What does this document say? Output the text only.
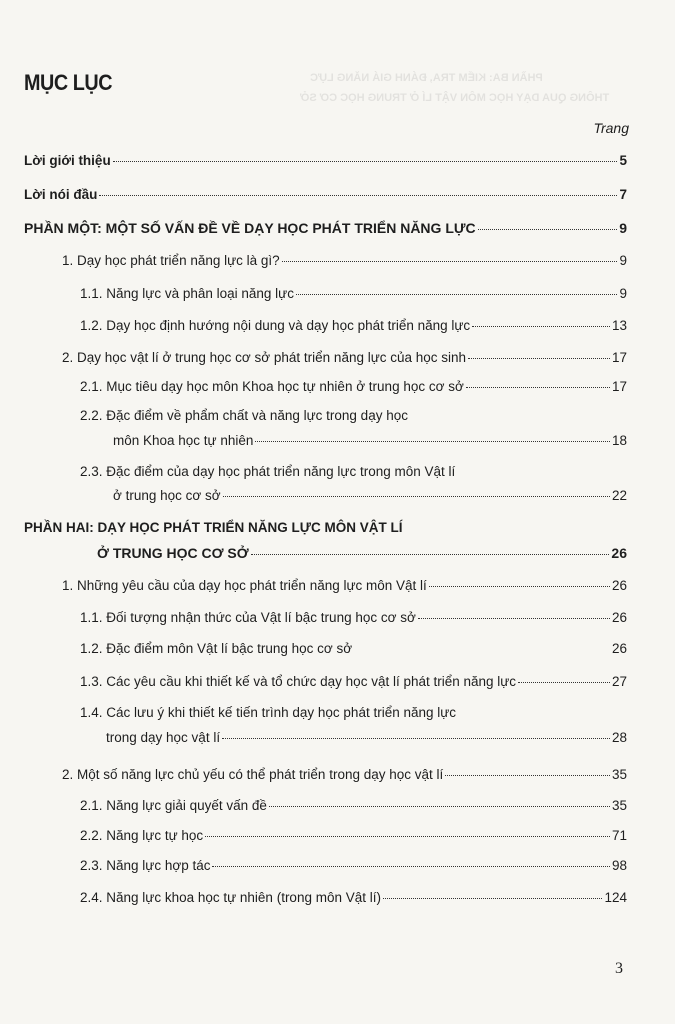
PHẦN BA: KIỂM TRA, ĐÁNH GIÁ NĂNG LỰC
THÔNG QUA DẠY HỌC MÔN VẬT LÍ Ở TRUNG HỌC CƠ SỞ
MỤC LỤC
Trang
Lời giới thiệu	5
Lời nói đầu	7
PHẦN MỘT: MỘT SỐ VẤN ĐỀ VỀ DẠY HỌC PHÁT TRIỂN NĂNG LỰC	9
1. Dạy học phát triển năng lực là gì?	9
1.1. Năng lực và phân loại năng lực	9
1.2. Dạy học định hướng nội dung và dạy học phát triển năng lực	13
2. Dạy học vật lí ở trung học cơ sở phát triển năng lực của học sinh	17
2.1. Mục tiêu dạy học môn Khoa học tự nhiên ở trung học cơ sở	17
2.2. Đặc điểm về phẩm chất và năng lực trong dạy học
môn Khoa học tự nhiên	18
2.3. Đặc điểm của dạy học phát triển năng lực trong môn Vật lí
ở trung học cơ sở	22
PHẦN HAI: DẠY HỌC PHÁT TRIỂN NĂNG LỰC MÔN VẬT LÍ
Ở TRUNG HỌC CƠ SỞ	26
1. Những yêu cầu của dạy học phát triển năng lực môn Vật lí	26
1.1. Đối tượng nhận thức của Vật lí bậc trung học cơ sở	26
1.2. Đặc điểm môn Vật lí bậc trung học cơ sở	26
1.3. Các yêu cầu khi thiết kế và tổ chức dạy học vật lí phát triển năng lực	27
1.4. Các lưu ý khi thiết kế tiến trình dạy học phát triển năng lực
trong dạy học vật lí	28
2. Một số năng lực chủ yếu có thể phát triển trong dạy học vật lí	35
2.1. Năng lực giải quyết vấn đề	35
2.2. Năng lực tự học	71
2.3. Năng lực hợp tác	98
2.4. Năng lực khoa học tự nhiên (trong môn Vật lí)	124
3
